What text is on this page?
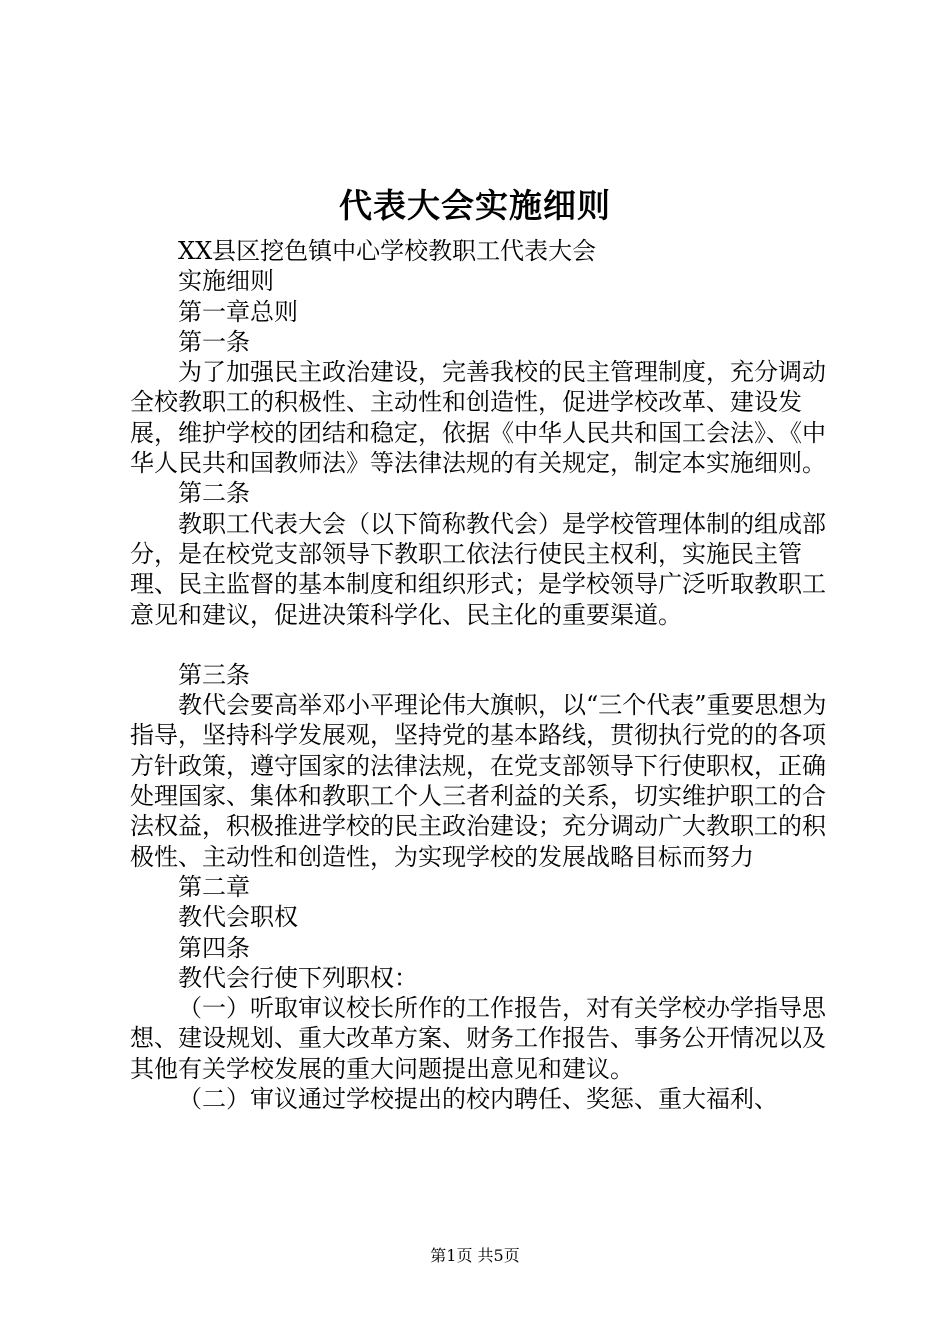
代表大会实施细则

XX县区挖色镇中心学校教职工代表大会

实施细则

第一章总则

第一条

为了加强民主政治建设，完善我校的民主管理制度，充分调动全校教职工的积极性、主动性和创造性，促进学校改革、建设发展，维护学校的团结和稳定，依据《中华人民共和国工会法》、《中华人民共和国教师法》等法律法规的有关规定，制定本实施细则。

第二条

教职工代表大会（以下简称教代会）是学校管理体制的组成部分，是在校党支部领导下教职工依法行使民主权利，实施民主管理、民主监督的基本制度和组织形式；是学校领导广泛听取教职工意见和建议，促进决策科学化、民主化的重要渠道。

第三条

教代会要高举邓小平理论伟大旗帜，以“三个代表”重要思想为指导，坚持科学发展观，坚持党的基本路线，贯彻执行党的的各项方针政策，遵守国家的法律法规，在党支部领导下行使职权，正确处理国家、集体和教职工个人三者利益的关系，切实维护职工的合法权益，积极推进学校的民主政治建设；充分调动广大教职工的积极性、主动性和创造性，为实现学校的发展战略目标而努力

第二章

教代会职权

第四条

教代会行使下列职权：

（一）听取审议校长所作的工作报告，对有关学校办学指导思想、建设规划、重大改革方案、财务工作报告、事务公开情况以及其他有关学校发展的重大问题提出意见和建议。

（二）审议通过学校提出的校内聘任、奖惩、重大福利、

第1页 共5页
